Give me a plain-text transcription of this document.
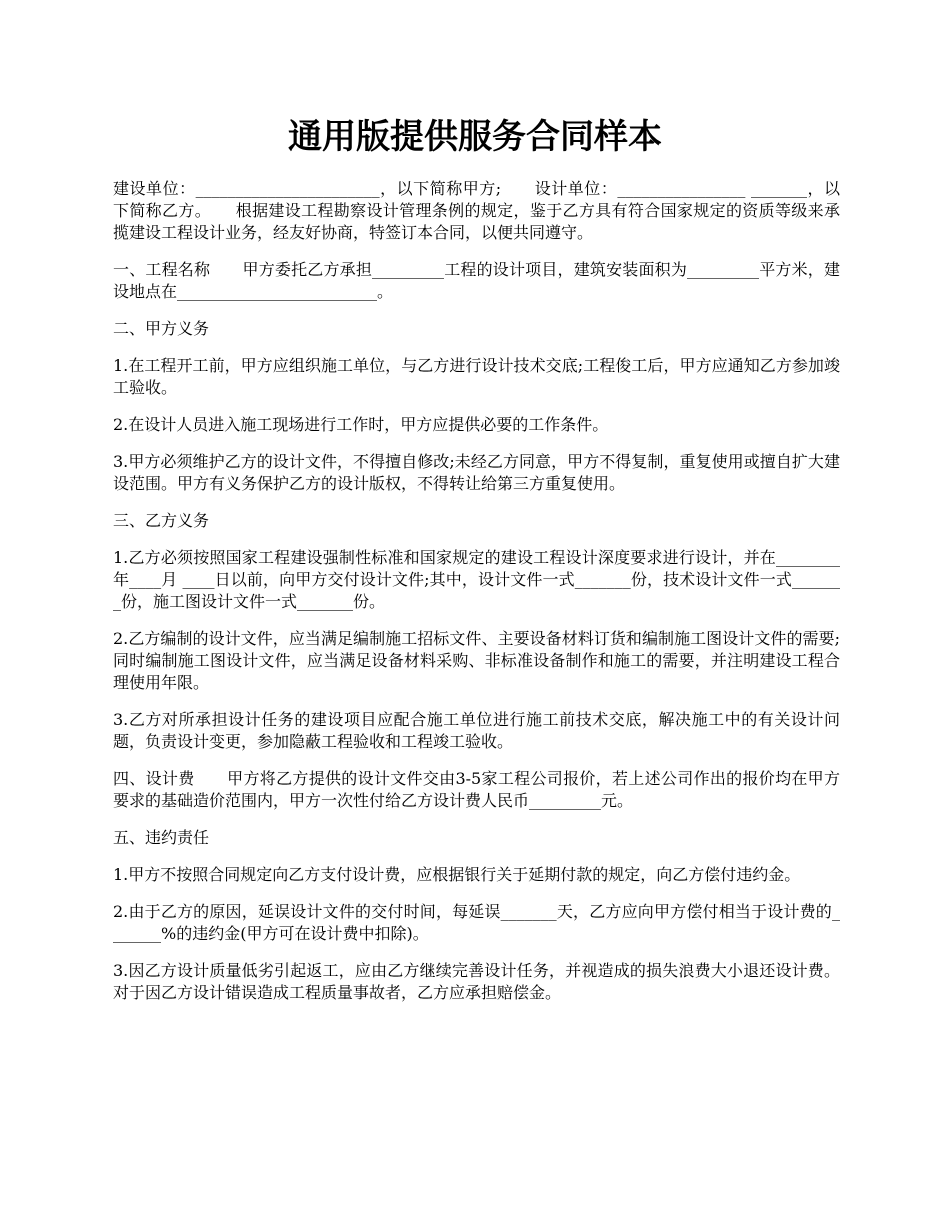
通用版提供服务合同样本

建设单位：_______________________，以下简称甲方;　　设计单位：________________ _______，以下简称乙方。　　根据建设工程勘察设计管理条例的规定，鉴于乙方具有符合国家规定的资质等级来承揽建设工程设计业务，经友好协商，特签订本合同，以便共同遵守。

一、工程名称　　甲方委托乙方承担_________工程的设计项目，建筑安装面积为_________平方米，建设地点在_________________________。

二、甲方义务

1.在工程开工前，甲方应组织施工单位，与乙方进行设计技术交底;工程俊工后，甲方应通知乙方参加竣工验收。

2.在设计人员进入施工现场进行工作时，甲方应提供必要的工作条件。

3.甲方必须维护乙方的设计文件，不得擅自修改;未经乙方同意，甲方不得复制，重复使用或擅自扩大建设范围。甲方有义务保护乙方的设计版权，不得转让给第三方重复使用。

三、乙方义务

1.乙方必须按照国家工程建设强制性标准和国家规定的建设工程设计深度要求进行设计，并在________年____月 ____日以前，向甲方交付设计文件;其中，设计文件一式_______份，技术设计文件一式_______份，施工图设计文件一式_______份。

2.乙方编制的设计文件，应当满足编制施工招标文件、主要设备材料订货和编制施工图设计文件的需要;同时编制施工图设计文件，应当满足设备材料采购、非标准设备制作和施工的需要，并注明建设工程合理使用年限。

3.乙方对所承担设计任务的建设项目应配合施工单位进行施工前技术交底，解决施工中的有关设计问题，负责设计变更，参加隐蔽工程验收和工程竣工验收。

四、设计费　　甲方将乙方提供的设计文件交由3-5家工程公司报价，若上述公司作出的报价均在甲方要求的基础造价范围内，甲方一次性付给乙方设计费人民币_________元。

五、违约责任

1.甲方不按照合同规定向乙方支付设计费，应根据银行关于延期付款的规定，向乙方偿付违约金。

2.由于乙方的原因，延误设计文件的交付时间，每延误_______天，乙方应向甲方偿付相当于设计费的_______%的违约金(甲方可在设计费中扣除)。

3.因乙方设计质量低劣引起返工，应由乙方继续完善设计任务，并视造成的损失浪费大小退还设计费。对于因乙方设计错误造成工程质量事故者，乙方应承担赔偿金。
